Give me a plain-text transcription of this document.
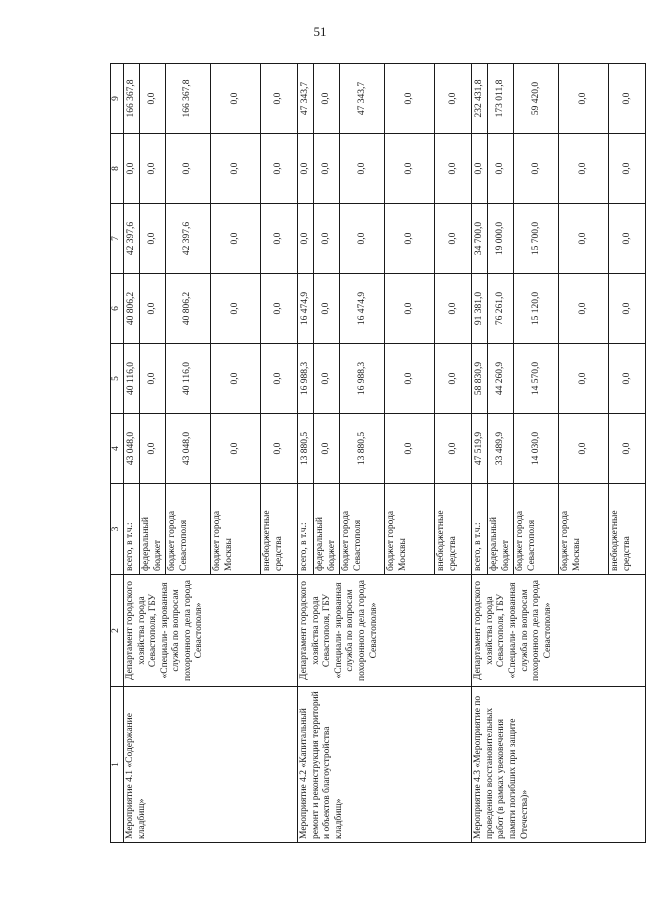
51
1	2	3	4	5	6	7	8	9
Мероприятие 4.1 «Содержание кладбищ»	Департамент городского хозяйства города Севастополя, ГБУ «Специали- зированная служба по вопросам похоронного дела города Севастополя»	всего, в т.ч.:	43 048,0	40 116,0	40 806,2	42 397,6	0,0	166 367,8
		федеральный бюджет	0,0	0,0	0,0	0,0	0,0	0,0
		бюджет города Севастополя	43 048,0	40 116,0	40 806,2	42 397,6	0,0	166 367,8
		бюджет города Москвы	0,0	0,0	0,0	0,0	0,0	0,0
		внебюджетные средства	0,0	0,0	0,0	0,0	0,0	0,0
Мероприятие 4.2 «Капитальный ремонт и реконструкция территорий и объектов благоустройства кладбищ»	Департамент городского хозяйства города Севастополя, ГБУ «Специали- зированная служба по вопросам похоронного дела города Севастополя»	всего, в т.ч.:	13 880,5	16 988,3	16 474,9	0,0	0,0	47 343,7
		федеральный бюджет	0,0	0,0	0,0	0,0	0,0	0,0
		бюджет города Севастополя	13 880,5	16 988,3	16 474,9	0,0	0,0	47 343,7
		бюджет города Москвы	0,0	0,0	0,0	0,0	0,0	0,0
		внебюджетные средства	0,0	0,0	0,0	0,0	0,0	0,0
Мероприятие 4.3 «Мероприятие по проведению восстановительных работ (в рамках увековечения памяти погибших при защите Отечества)»	Департамент городского хозяйства города Севастополя, ГБУ «Специали- зированная служба по вопросам похоронного дела города Севастополя»	всего, в т.ч.:	47 519,9	58 830,9	91 381,0	34 700,0	0,0	232 431,8
		федеральный бюджет	33 489,9	44 260,9	76 261,0	19 000,0	0,0	173 011,8
		бюджет города Севастополя	14 030,0	14 570,0	15 120,0	15 700,0	0,0	59 420,0
		бюджет города Москвы	0,0	0,0	0,0	0,0	0,0	0,0
		внебюджетные средства	0,0	0,0	0,0	0,0	0,0	0,0
